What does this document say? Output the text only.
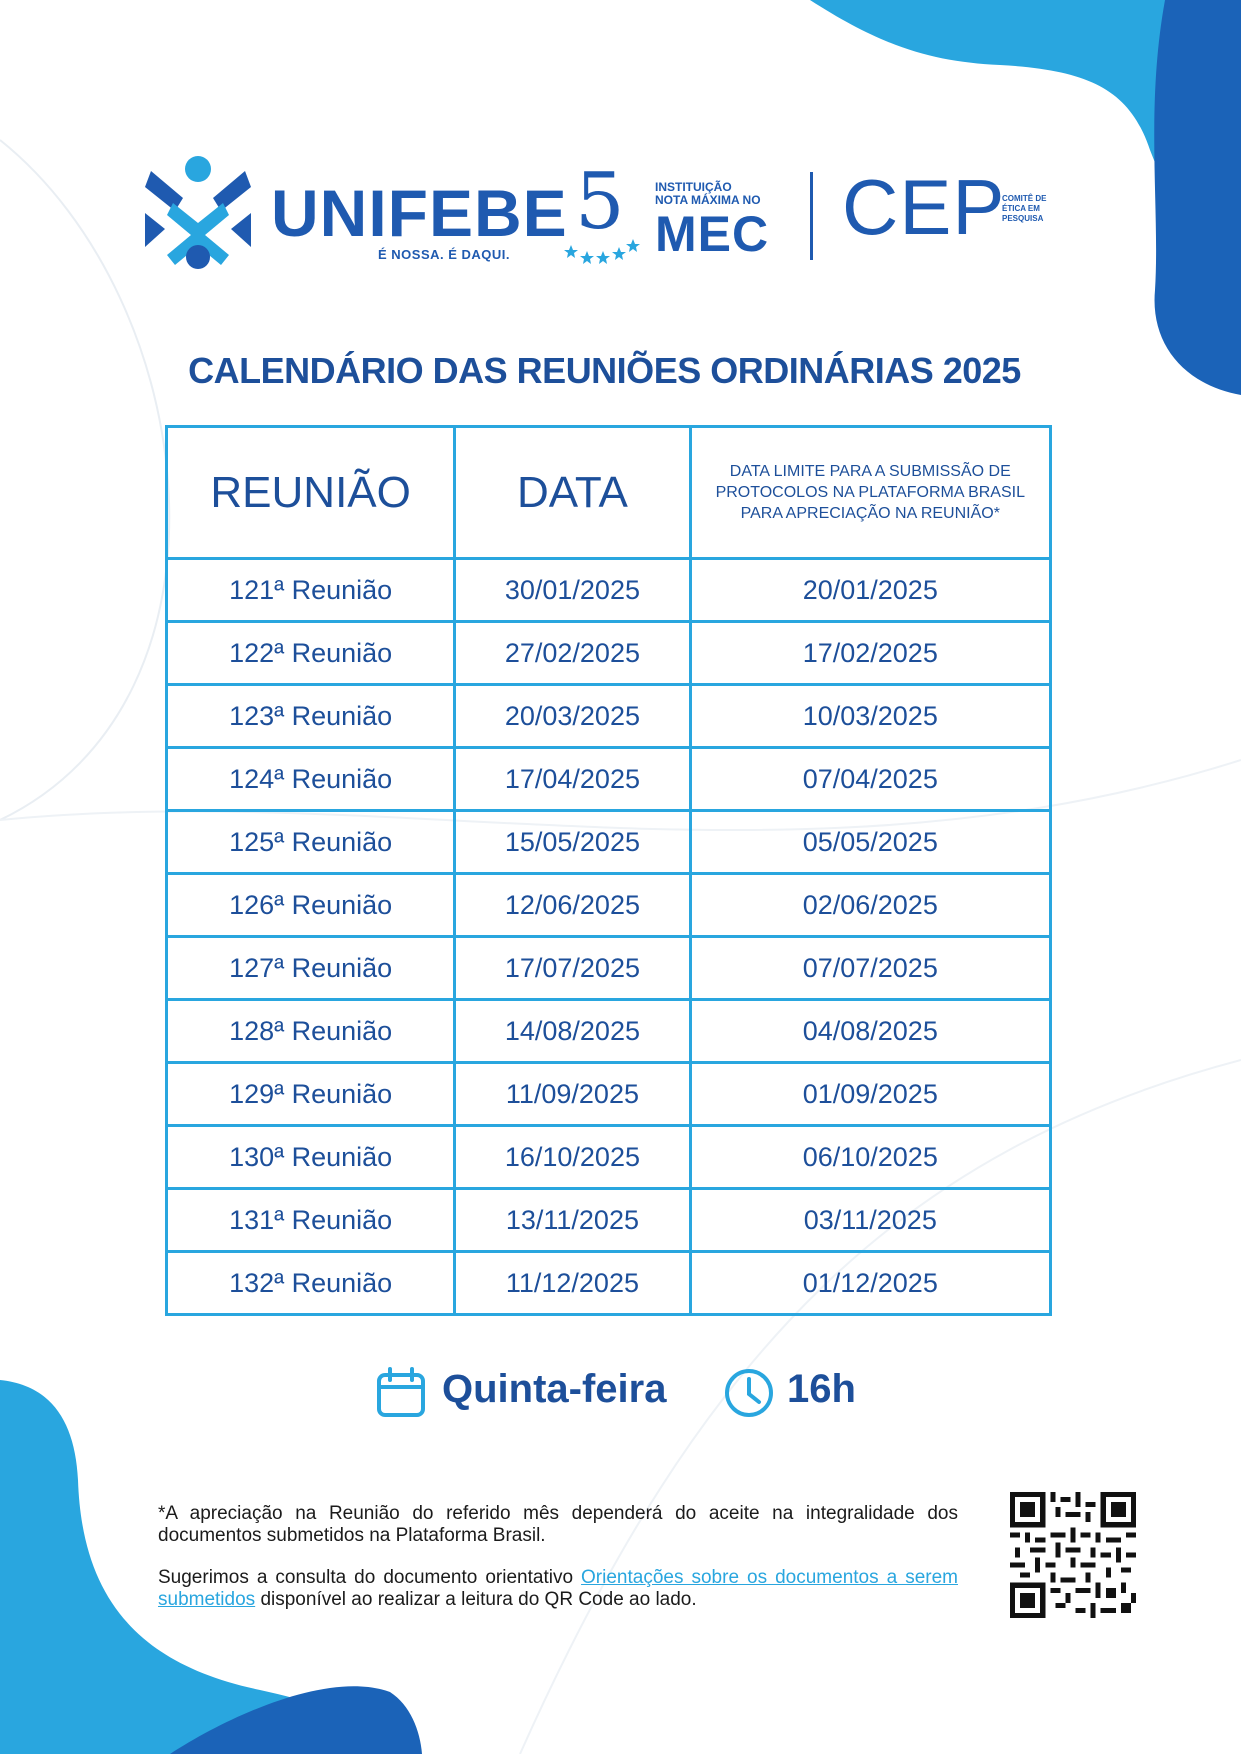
UNIFEBE
É NOSSA. É DAQUI.
5	INSTITUIÇÃO
NOTA MÁXIMA NO
MEC CEP
COMITÊ DE
ÉTICA EM
PESQUISA
CALENDÁRIO DAS REUNIÕES ORDINÁRIAS 2025
REUNIÃO	DATA	DATA LIMITE PARA A SUBMISSÃO DE PROTOCOLOS NA PLATAFORMA BRASIL PARA APRECIAÇÃO NA REUNIÃO*
121ª Reunião	30/01/2025	20/01/2025
122ª Reunião	27/02/2025	17/02/2025
123ª Reunião	20/03/2025	10/03/2025
124ª Reunião	17/04/2025	07/04/2025
125ª Reunião	15/05/2025	05/05/2025
126ª Reunião	12/06/2025	02/06/2025
127ª Reunião	17/07/2025	07/07/2025
128ª Reunião	14/08/2025	04/08/2025
129ª Reunião	11/09/2025	01/09/2025
130ª Reunião	16/10/2025	06/10/2025
131ª Reunião	13/11/2025	03/11/2025
132ª Reunião	11/12/2025	01/12/2025
Quinta-feira	16h

*A apreciação na Reunião do referido mês dependerá do aceite na integralidade dos documentos submetidos na Plataforma Brasil.

Sugerimos a consulta do documento orientativo Orientações sobre os documentos a serem submetidos disponível ao realizar a leitura do QR Code ao lado.
